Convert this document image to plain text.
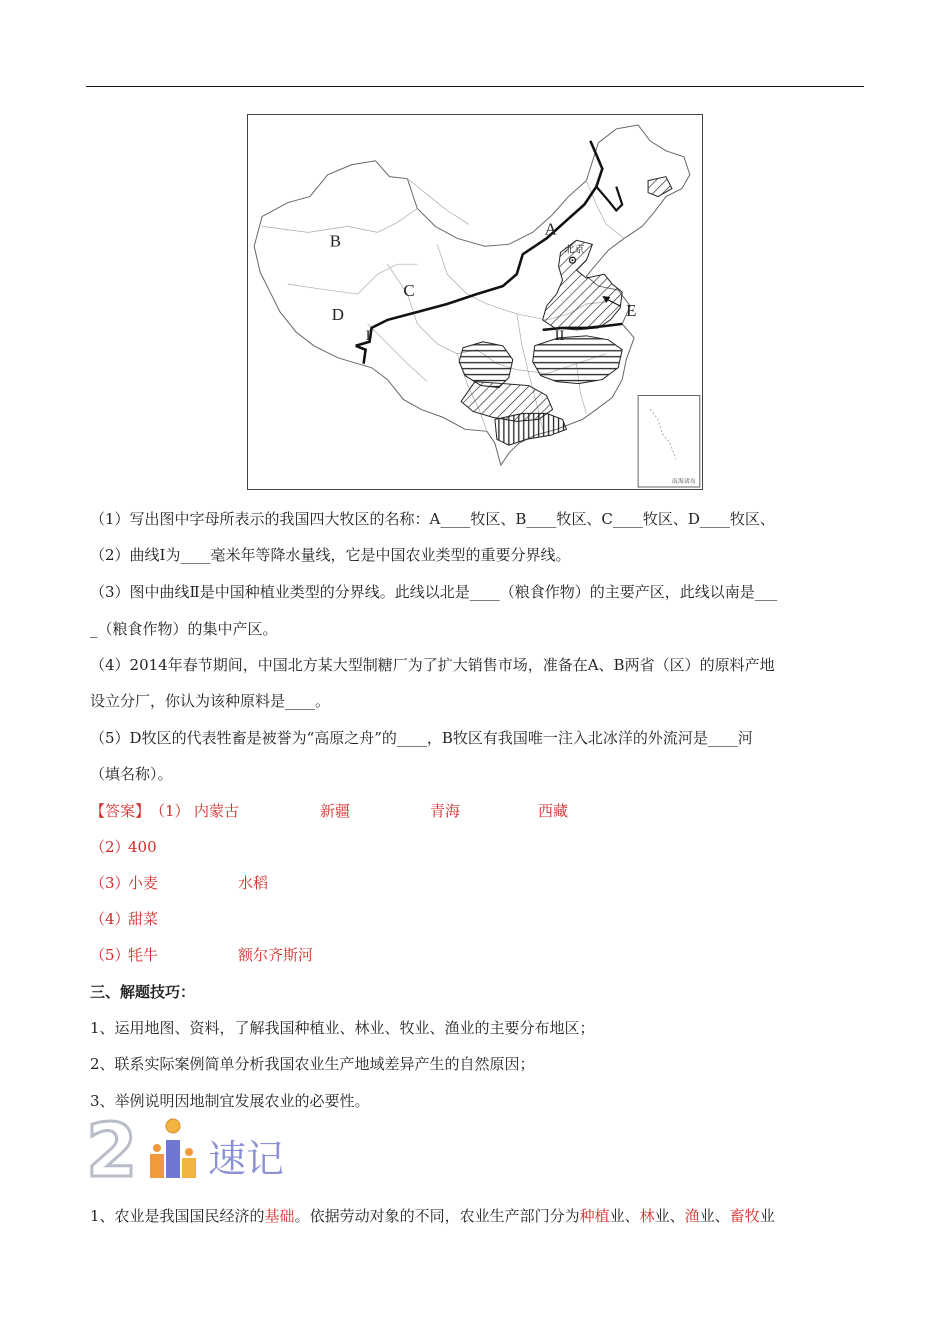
A
B
C
D	E
I	II
北京
南海诸岛
（1）写出图中字母所表示的我国四大牧区的名称：A____牧区、B____牧区、C____牧区、D____牧区、
（2）曲线Ⅰ为____毫米年等降水量线，它是中国农业类型的重要分界线。
（3）图中曲线Ⅱ是中国种植业类型的分界线。此线以北是____（粮食作物）的主要产区，此线以南是___
_（粮食作物）的集中产区。
（4）2014年春节期间，中国北方某大型制糖厂为了扩大销售市场，准备在A、B两省（区）的原料产地
设立分厂，你认为该种原料是____。
（5）D牧区的代表牲畜是被誉为“高原之舟”的____，B牧区有我国唯一注入北冰洋的外流河是____河
（填名称）。
【答案】 （1） 内蒙古	新疆	青海	西藏
（2）
400
（3）
小麦	水稻
（4）
甜菜
（5）
牦牛	额尔齐斯河
三、解题技巧：
1、运用地图、资料，了解我国种植业、林业、牧业、渔业的主要分布地区；
2、联系实际案例简单分析我国农业生产地域差异产生的自然原因；
3、举例说明因地制宜发展农业的必要性。
2 速记
1、农业是我国国民经济的基础。依据劳动对象的不同，农业生产部门分为种植业、林业、渔业、畜牧业
